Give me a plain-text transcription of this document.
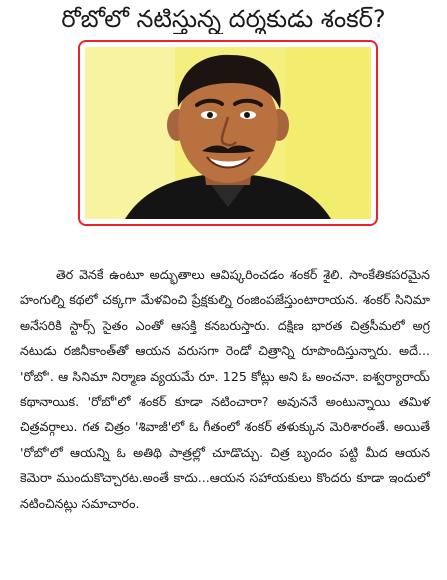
రోబోలో నటిస్తున్న దర్శకుడు శంకర్?

తెర వెనకే ఉంటూ అద్భుతాలు ఆవిష్కరించడం శంకర్ శైలి. సాంకేతికపరమైన హంగుల్ని కథలో చక్కగా మేళవించి ప్రేక్షకుల్ని రంజింపజేస్తుంటారాయన. శంకర్ సినిమా అనేసరికి స్టార్స్ సైతం ఎంతో ఆసక్తి కనబరుస్తారు. దక్షిణ భారత చిత్రసీమలో అగ్ర నటుడు రజినీకాంత్‌తో ఆయన వరుసగా రెండో చిత్రాన్ని రూపొందిస్తున్నారు. అదే... 'రోబో'. ఆ సినిమా నిర్మాణ వ్యయమే రూ. 125 కోట్లు అని ఓ అంచనా. ఐశ్వర్యారాయ్ కథానాయిక. 'రోబో'లో శంకర్ కూడా నటించారా? అవుననే అంటున్నాయి తమిళ చిత్రవర్గాలు. గత చిత్రం 'శివాజీ'లో ఓ గీతంలో శంకర్ తళుక్కున మెరిశారంతే. అయితే 'రోబో'లో ఆయన్ని ఓ అతిథి పాత్రల్లో చూడొచ్చు. చిత్ర బృందం పట్టి మీద ఆయన కెమెరా ముందుకొచ్చారట.అంతే కాదు...ఆయన సహాయకులు కొందరు కూడా ఇందులో నటించినట్లు సమాచారం.
